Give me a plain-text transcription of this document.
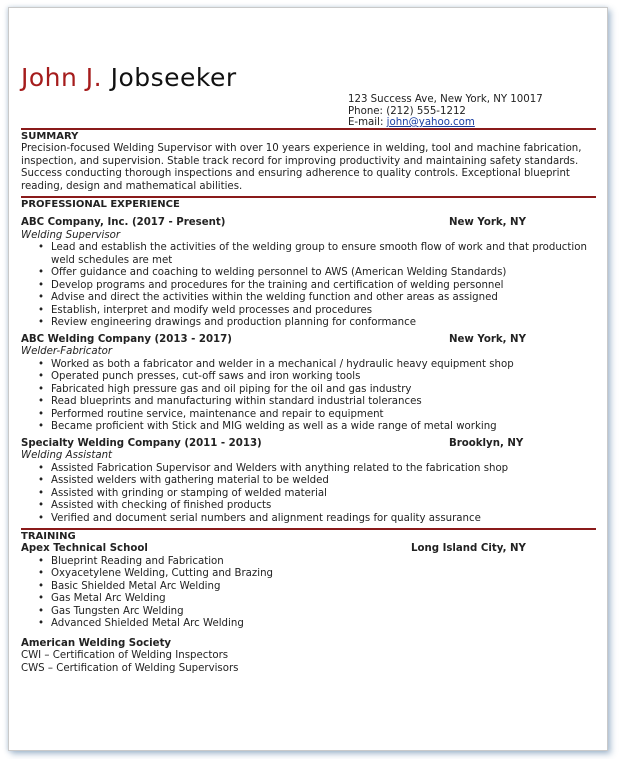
John J. Jobseeker
123 Success Ave, New York, NY 10017
Phone: (212) 555-1212
E-mail: john@yahoo.com
SUMMARY

Precision-focused Welding Supervisor with over 10 years experience in welding, tool and machine fabrication, inspection, and supervision. Stable track record for improving productivity and maintaining safety standards. Success conducting thorough inspections and ensuring adherence to quality controls. Exceptional blueprint reading, design and mathematical abilities.

PROFESSIONAL EXPERIENCE
ABC Company, Inc. (2017 - Present)	New York, NY
Welding Supervisor
• Lead and establish the activities of the welding group to ensure smooth flow of work and that production weld schedules are met
• Offer guidance and coaching to welding personnel to AWS (American Welding Standards)
• Develop programs and procedures for the training and certification of welding personnel
• Advise and direct the activities within the welding function and other areas as assigned
• Establish, interpret and modify weld processes and procedures
• Review engineering drawings and production planning for conformance
ABC Welding Company (2013 - 2017)	New York, NY
Welder-Fabricator
• Worked as both a fabricator and welder in a mechanical / hydraulic heavy equipment shop
• Operated punch presses, cut-off saws and iron working tools
• Fabricated high pressure gas and oil piping for the oil and gas industry
• Read blueprints and manufacturing within standard industrial tolerances
• Performed routine service, maintenance and repair to equipment
• Became proficient with Stick and MIG welding as well as a wide range of metal working
Specialty Welding Company (2011 - 2013)	Brooklyn, NY
Welding Assistant
• Assisted Fabrication Supervisor and Welders with anything related to the fabrication shop
• Assisted welders with gathering material to be welded
• Assisted with grinding or stamping of welded material
• Assisted with checking of finished products
• Verified and document serial numbers and alignment readings for quality assurance
TRAINING
Apex Technical School	Long Island City, NY
• Blueprint Reading and Fabrication
• Oxyacetylene Welding, Cutting and Brazing
• Basic Shielded Metal Arc Welding
• Gas Metal Arc Welding
• Gas Tungsten Arc Welding
• Advanced Shielded Metal Arc Welding
American Welding Society
CWI – Certification of Welding Inspectors
CWS – Certification of Welding Supervisors
